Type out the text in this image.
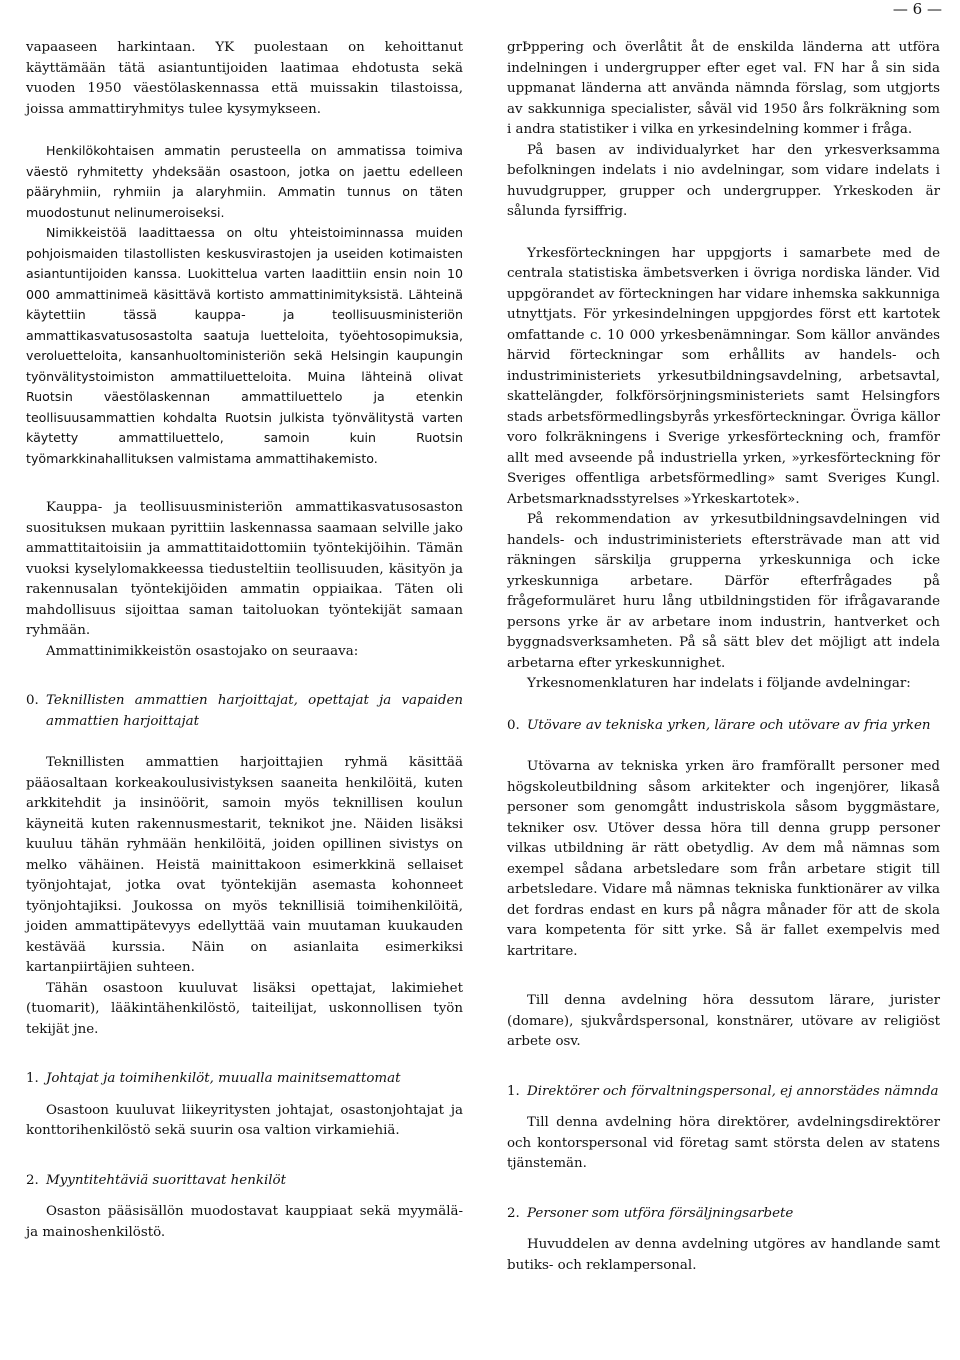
— 6 —

vapaaseen harkintaan. YK puolestaan on kehoittanut käyttämään tätä asiantuntijoiden laatimaa ehdotusta sekä vuoden 1950 väestölaskennassa että muissakin tilastoissa, joissa ammattiryhmitys tulee kysymykseen.

Henkilökohtaisen ammatin perusteella on ammatissa toimiva väestö ryhmitetty yhdeksään osastoon, jotka on jaettu edelleen pääryhmiin, ryhmiin ja alaryhmiin. Ammatin tunnus on täten muodostunut nelinumeroiseksi.

Nimikkeistöä laadittaessa on oltu yhteistoiminnassa muiden pohjoismaiden tilastollisten keskusvirastojen ja useiden kotimaisten asiantuntijoiden kanssa. Luokittelua varten laadittiin ensin noin 10 000 ammattinimeä käsittävä kortisto ammattinimityksistä. Lähteinä käytettiin tässä kauppa- ja teollisuusministeriön ammattikasvatusosastolta saatuja luetteloita, työehtosopimuksia, veroluetteloita, kansanhuoltoministeriön sekä Helsingin kaupungin työnvälitystoimiston ammattiluetteloita. Muina lähteinä olivat Ruotsin väestölaskennan ammattiluettelo ja etenkin teollisuusammattien kohdalta Ruotsin julkista työnvälitystä varten käytetty ammattiluettelo, samoin kuin Ruotsin työmarkkinahallituksen valmistama ammattihakemisto.

Kauppa- ja teollisuusministeriön ammattikasvatusosaston suosituksen mukaan pyrittiin laskennassa saamaan selville jako ammattitaitoisiin ja ammattitaidottomiin työntekijöihin. Tämän vuoksi kyselylomakkeessa tiedusteltiin teollisuuden, käsityön ja rakennusalan työntekijöiden ammatin oppiaikaa. Täten oli mahdollisuus sijoittaa saman taitoluokan työntekijät samaan ryhmään.

Ammattinimikkeistön osastojako on seuraava:

0. Teknillisten ammattien harjoittajat, opettajat ja vapaiden ammattien harjoittajat

Teknillisten ammattien harjoittajien ryhmä käsittää pääosaltaan korkeakoulusivistyksen saaneita henkilöitä, kuten arkkitehdit ja insinöörit, samoin myös teknillisen koulun käyneitä kuten rakennusmestarit, teknikot jne. Näiden lisäksi kuuluu tähän ryhmään henkilöitä, joiden opillinen sivistys on melko vähäinen. Heistä mainittakoon esimerkkinä sellaiset työnjohtajat, jotka ovat työntekijän asemasta kohonneet työnjohtajiksi. Joukossa on myös teknillisiä toimihenkilöitä, joiden ammattipätevyys edellyttää vain muutaman kuukauden kestävää kurssia. Näin on asianlaita esimerkiksi kartanpiirtäjien suhteen.

Tähän osastoon kuuluvat lisäksi opettajat, lakimiehet (tuomarit), lääkintähenkilöstö, taiteilijat, uskonnollisen työn tekijät jne.

1. Johtajat ja toimihenkilöt, muualla mainitsemattomat

Osastoon kuuluvat liikeyritysten johtajat, osastonjohtajat ja konttorihenkilöstö sekä suurin osa valtion virkamiehiä.

2. Myyntitehtäviä suorittavat henkilöt

Osaston pääsisällön muodostavat kauppiaat sekä myymälä- ja mainoshenkilöstö.

grÞppering och överlåtit åt de enskilda länderna att utföra indelningen i undergrupper efter eget val. FN har å sin sida uppmanat länderna att använda nämnda förslag, som utgjorts av sakkunniga specialister, såväl vid 1950 års folkräkning som i andra statistiker i vilka en yrkesindelning kommer i fråga.

På basen av individualyrket har den yrkesverksamma befolkningen indelats i nio avdelningar, som vidare indelats i huvudgrupper, grupper och undergrupper. Yrkeskoden är sålunda fyrsiffrig.

Yrkesförteckningen har uppgjorts i samarbete med de centrala statistiska ämbetsverken i övriga nordiska länder. Vid uppgörandet av förteckningen har vidare inhemska sakkunniga utnyttjats. För yrkesindelningen uppgjordes först ett kartotek omfattande c. 10 000 yrkesbenämningar. Som källor användes härvid förteckningar som erhållits av handels- och industriministeriets yrkesutbildningsavdelning, arbetsavtal, skattelängder, folkförsörjningsministeriets samt Helsingfors stads arbetsförmedlingsbyrås yrkesförteckningar. Övriga källor voro folkräkningens i Sverige yrkesförteckning och, framför allt med avseende på industriella yrken, »yrkesförteckning för Sveriges offentliga arbetsförmedling» samt Sveriges Kungl. Arbetsmarknadsstyrelses »Yrkeskartotek».

På rekommendation av yrkesutbildningsavdelningen vid handels- och industriministeriets eftersträvade man att vid räkningen särskilja grupperna yrkeskunniga och icke yrkeskunniga arbetare. Därför efterfrågades på frågeformuläret huru lång utbildningstiden för ifrågavarande persons yrke är av arbetare inom industrin, hantverket och byggnadsverksamheten. På så sätt blev det möjligt att indela arbetarna efter yrkeskunnighet.

Yrkesnomenklaturen har indelats i följande avdelningar:

0. Utövare av tekniska yrken, lärare och utövare av fria yrken

Utövarna av tekniska yrken äro framförallt personer med högskoleutbildning såsom arkitekter och ingenjörer, likaså personer som genomgått industriskola såsom byggmästare, tekniker osv. Utöver dessa höra till denna grupp personer vilkas utbildning är rätt obetydlig. Av dem må nämnas som exempel sådana arbetsledare som från arbetare stigit till arbetsledare. Vidare må nämnas tekniska funktionärer av vilka det fordras endast en kurs på några månader för att de skola vara kompetenta för sitt yrke. Så är fallet exempelvis med kartritare.

Till denna avdelning höra dessutom lärare, jurister (domare), sjukvårdspersonal, konstnärer, utövare av religiöst arbete osv.

1. Direktörer och förvaltningspersonal, ej annorstädes nämnda

Till denna avdelning höra direktörer, avdelningsdirektörer och kontorspersonal vid företag samt största delen av statens tjänstemän.

2. Personer som utföra försäljningsarbete

Huvuddelen av denna avdelning utgöres av handlande samt butiks- och reklampersonal.
